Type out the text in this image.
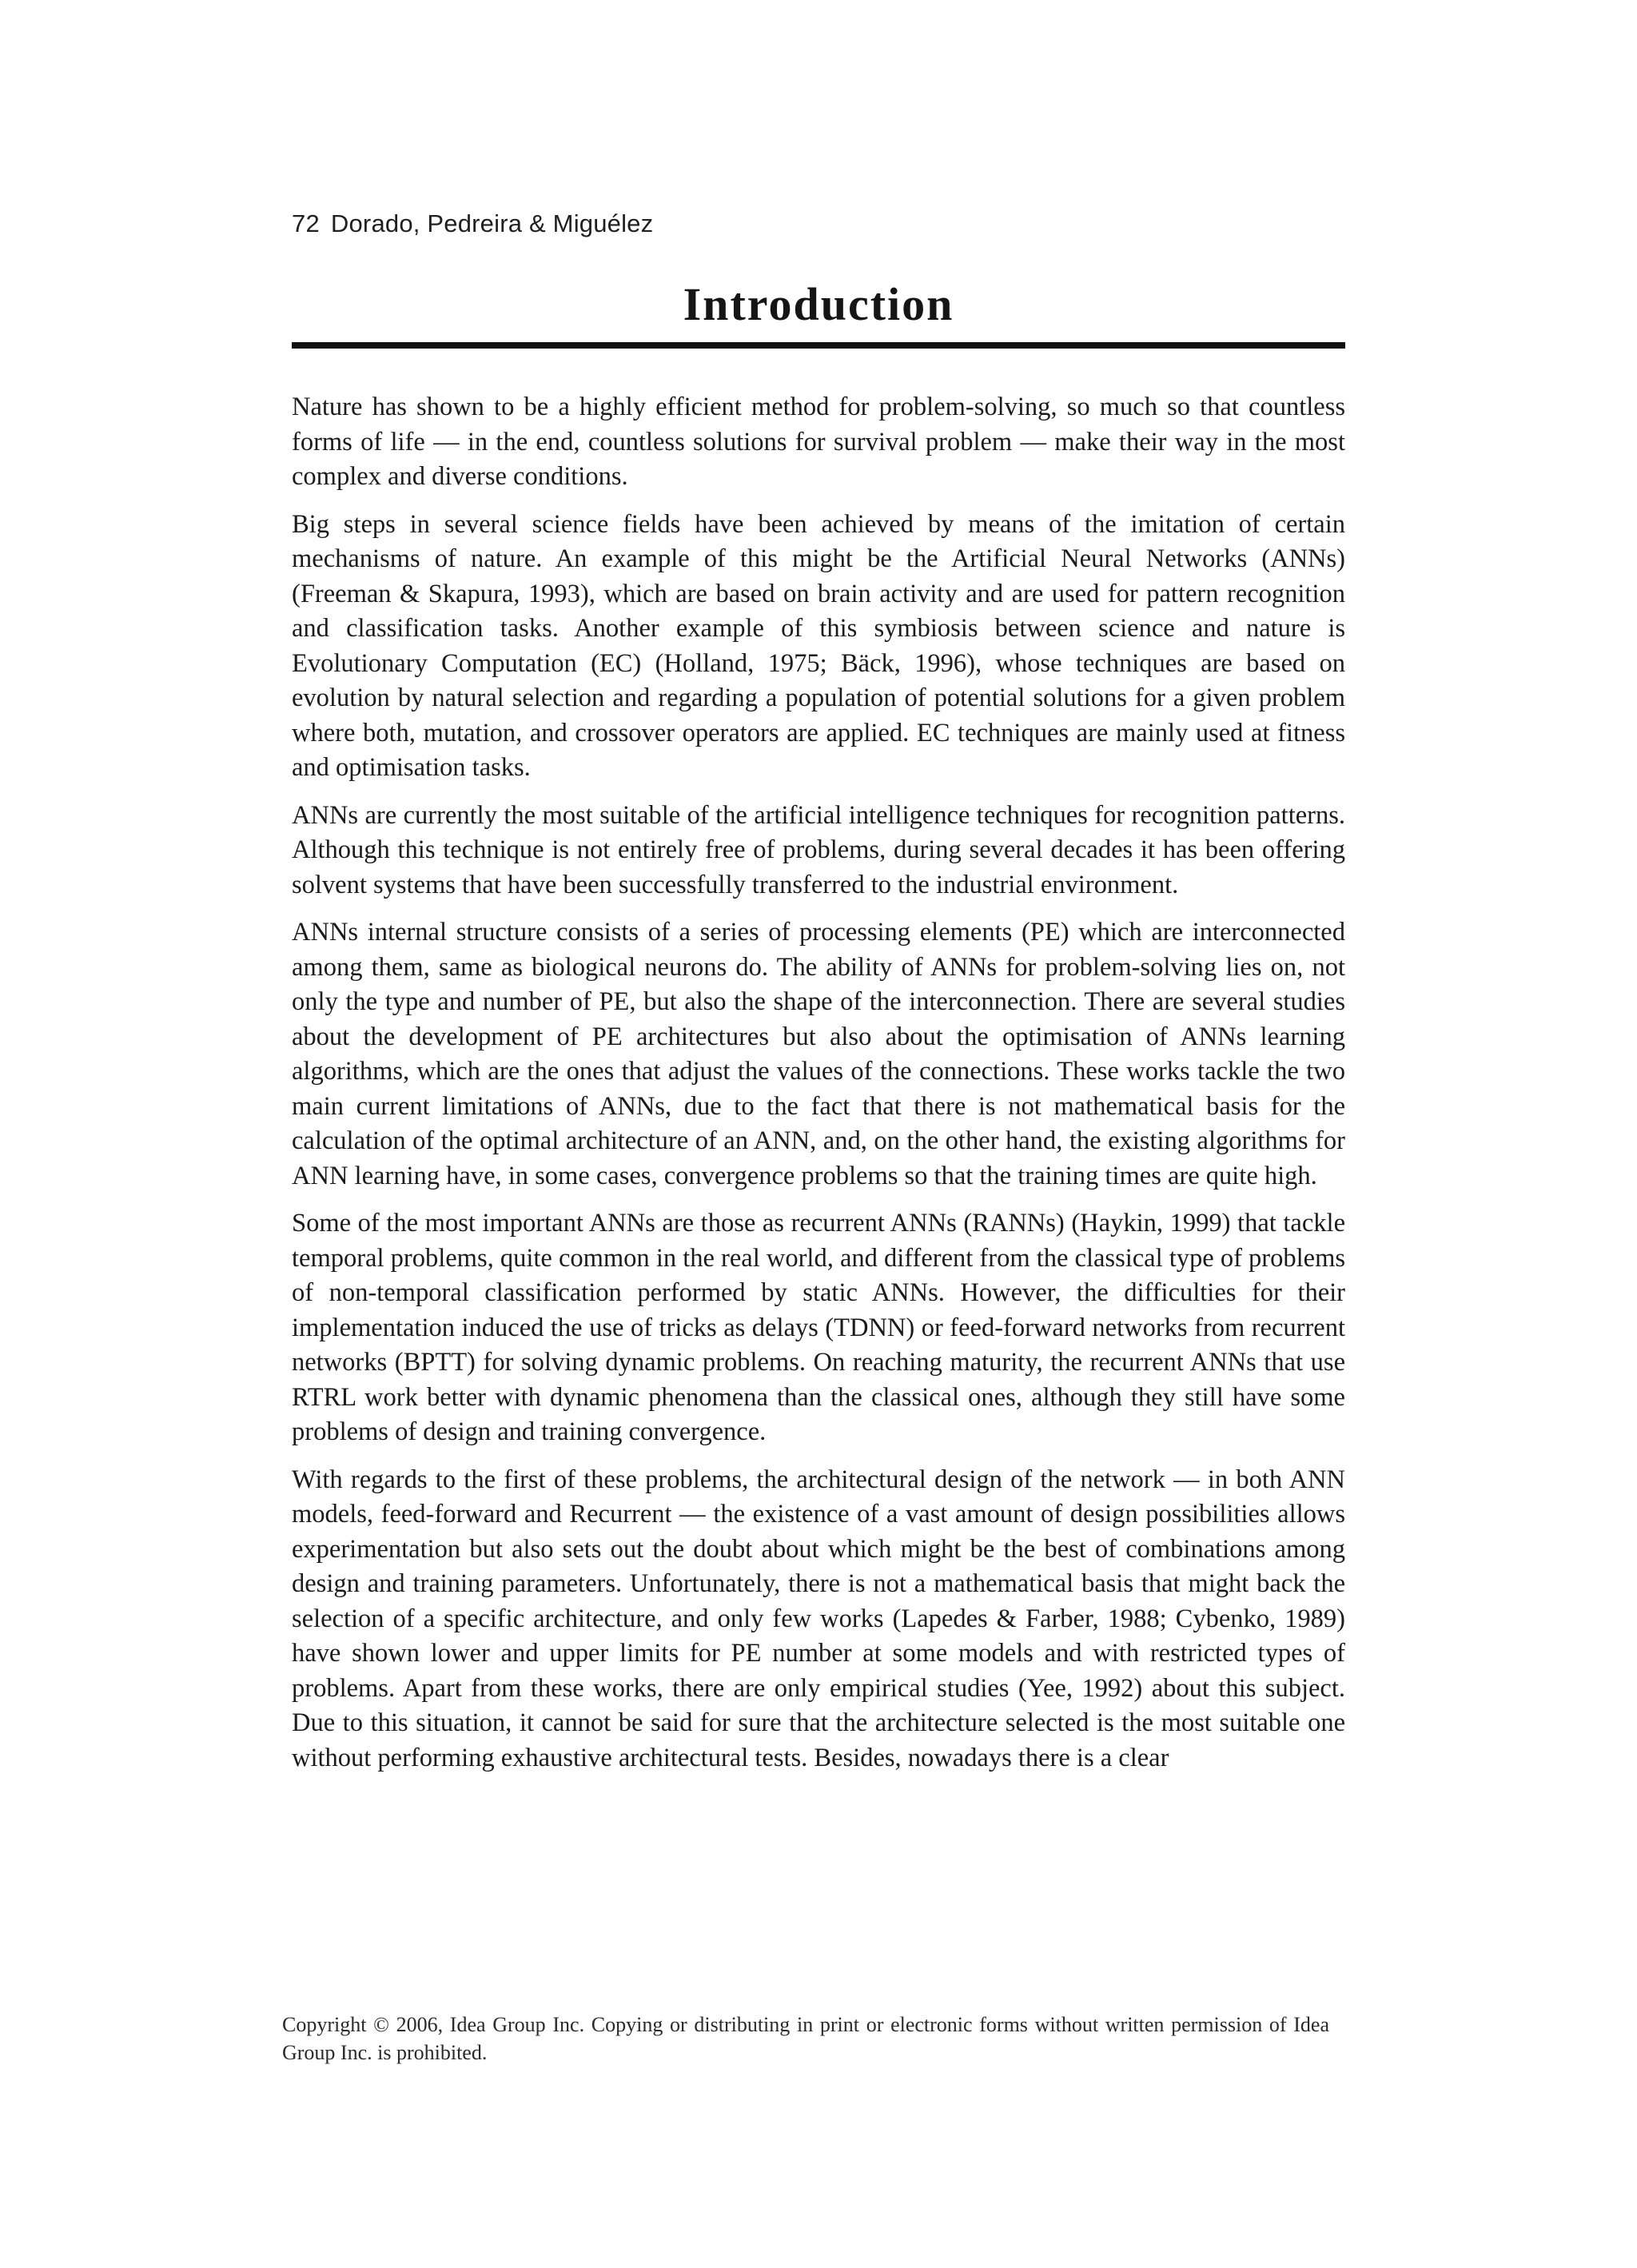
72 Dorado, Pedreira & Miguélez
Introduction

Nature has shown to be a highly efficient method for problem-solving, so much so that countless forms of life — in the end, countless solutions for survival problem — make their way in the most complex and diverse conditions.

Big steps in several science fields have been achieved by means of the imitation of certain mechanisms of nature. An example of this might be the Artificial Neural Networks (ANNs) (Freeman & Skapura, 1993), which are based on brain activity and are used for pattern recognition and classification tasks. Another example of this symbiosis between science and nature is Evolutionary Computation (EC) (Holland, 1975; Bäck, 1996), whose techniques are based on evolution by natural selection and regarding a population of potential solutions for a given problem where both, mutation, and crossover operators are applied. EC techniques are mainly used at fitness and optimisation tasks.

ANNs are currently the most suitable of the artificial intelligence techniques for recognition patterns. Although this technique is not entirely free of problems, during several decades it has been offering solvent systems that have been successfully transferred to the industrial environment.

ANNs internal structure consists of a series of processing elements (PE) which are interconnected among them, same as biological neurons do. The ability of ANNs for problem-solving lies on, not only the type and number of PE, but also the shape of the interconnection. There are several studies about the development of PE architectures but also about the optimisation of ANNs learning algorithms, which are the ones that adjust the values of the connections. These works tackle the two main current limitations of ANNs, due to the fact that there is not mathematical basis for the calculation of the optimal architecture of an ANN, and, on the other hand, the existing algorithms for ANN learning have, in some cases, convergence problems so that the training times are quite high.

Some of the most important ANNs are those as recurrent ANNs (RANNs) (Haykin, 1999) that tackle temporal problems, quite common in the real world, and different from the classical type of problems of non-temporal classification performed by static ANNs. However, the difficulties for their implementation induced the use of tricks as delays (TDNN) or feed-forward networks from recurrent networks (BPTT) for solving dynamic problems. On reaching maturity, the recurrent ANNs that use RTRL work better with dynamic phenomena than the classical ones, although they still have some problems of design and training convergence.

With regards to the first of these problems, the architectural design of the network — in both ANN models, feed-forward and Recurrent — the existence of a vast amount of design possibilities allows experimentation but also sets out the doubt about which might be the best of combinations among design and training parameters. Unfortunately, there is not a mathematical basis that might back the selection of a specific architecture, and only few works (Lapedes & Farber, 1988; Cybenko, 1989) have shown lower and upper limits for PE number at some models and with restricted types of problems. Apart from these works, there are only empirical studies (Yee, 1992) about this subject. Due to this situation, it cannot be said for sure that the architecture selected is the most suitable one without performing exhaustive architectural tests. Besides, nowadays there is a clear

Copyright © 2006, Idea Group Inc. Copying or distributing in print or electronic forms without written permission of Idea Group Inc. is prohibited.
